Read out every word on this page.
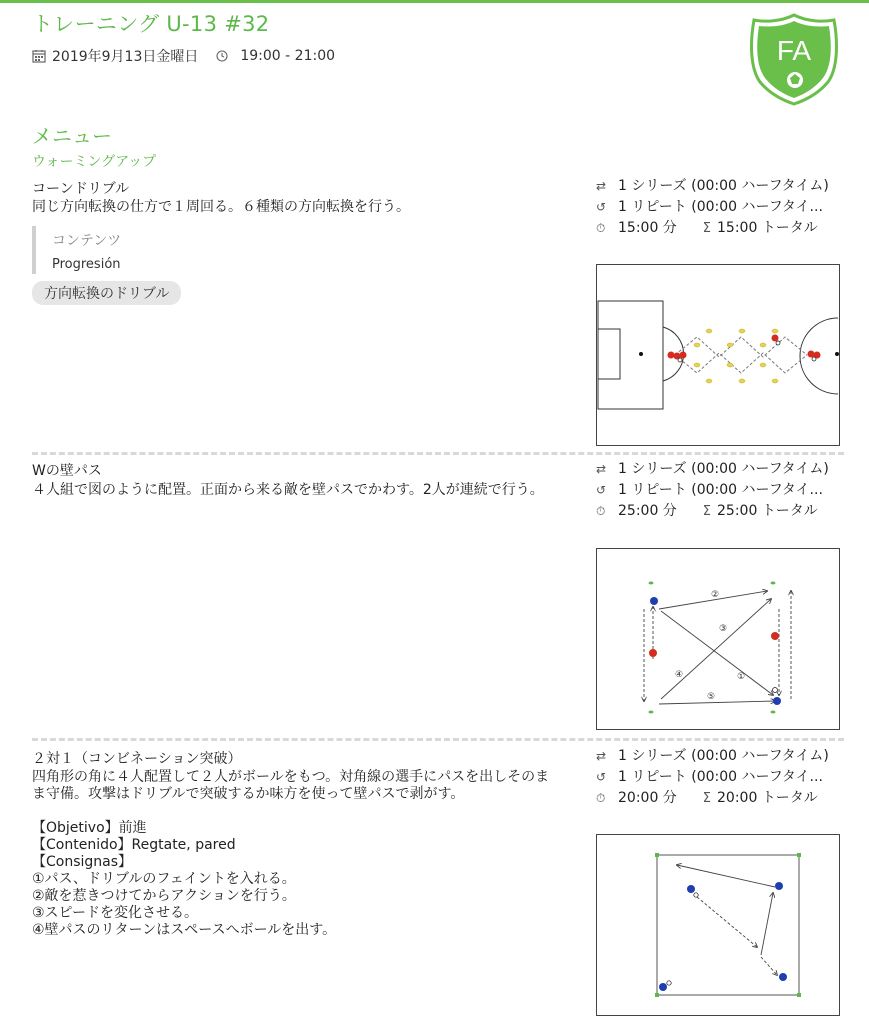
トレーニング U-13 #32
2019年9月13日金曜日	19:00 - 21:00	FA
メニュー
ウォーミングアップ
コーンドリブル
同じ方向転換の仕方で１周回る。６種類の方向転換を行う。
コンテンツ
Progresión
方向転換のドリブル
⇄ 1 シリーズ (00:00 ハーフタイム)
↺ 1 リピート (00:00 ハーフタイ...
⏱ 15:00 分 Σ 15:00 トータル
Wの壁パス
４人組で図のように配置。正面から来る敵を壁パスでかわす。2人が連続で行う。
⇄ 1 シリーズ (00:00 ハーフタイム)
↺ 1 リピート (00:00 ハーフタイ...
⏱ 25:00 分 Σ 25:00 トータル
②
③
④	①
⑤
２対１（コンビネーション突破）
四角形の角に４人配置して２人がボールをもつ。対角線の選手にパスを出しそのまま守備。攻撃はドリブルで突破するか味方を使って壁パスで剥がす。

【Objetivo】前進
【Contenido】Regtate, pared
【Consignas】
①パス、ドリブルのフェイントを入れる。
②敵を惹きつけてからアクションを行う。
③スピードを変化させる。
④壁パスのリターンはスペースへボールを出す。
⇄ 1 シリーズ (00:00 ハーフタイム)
↺ 1 リピート (00:00 ハーフタイ...
⏱ 20:00 分 Σ 20:00 トータル
